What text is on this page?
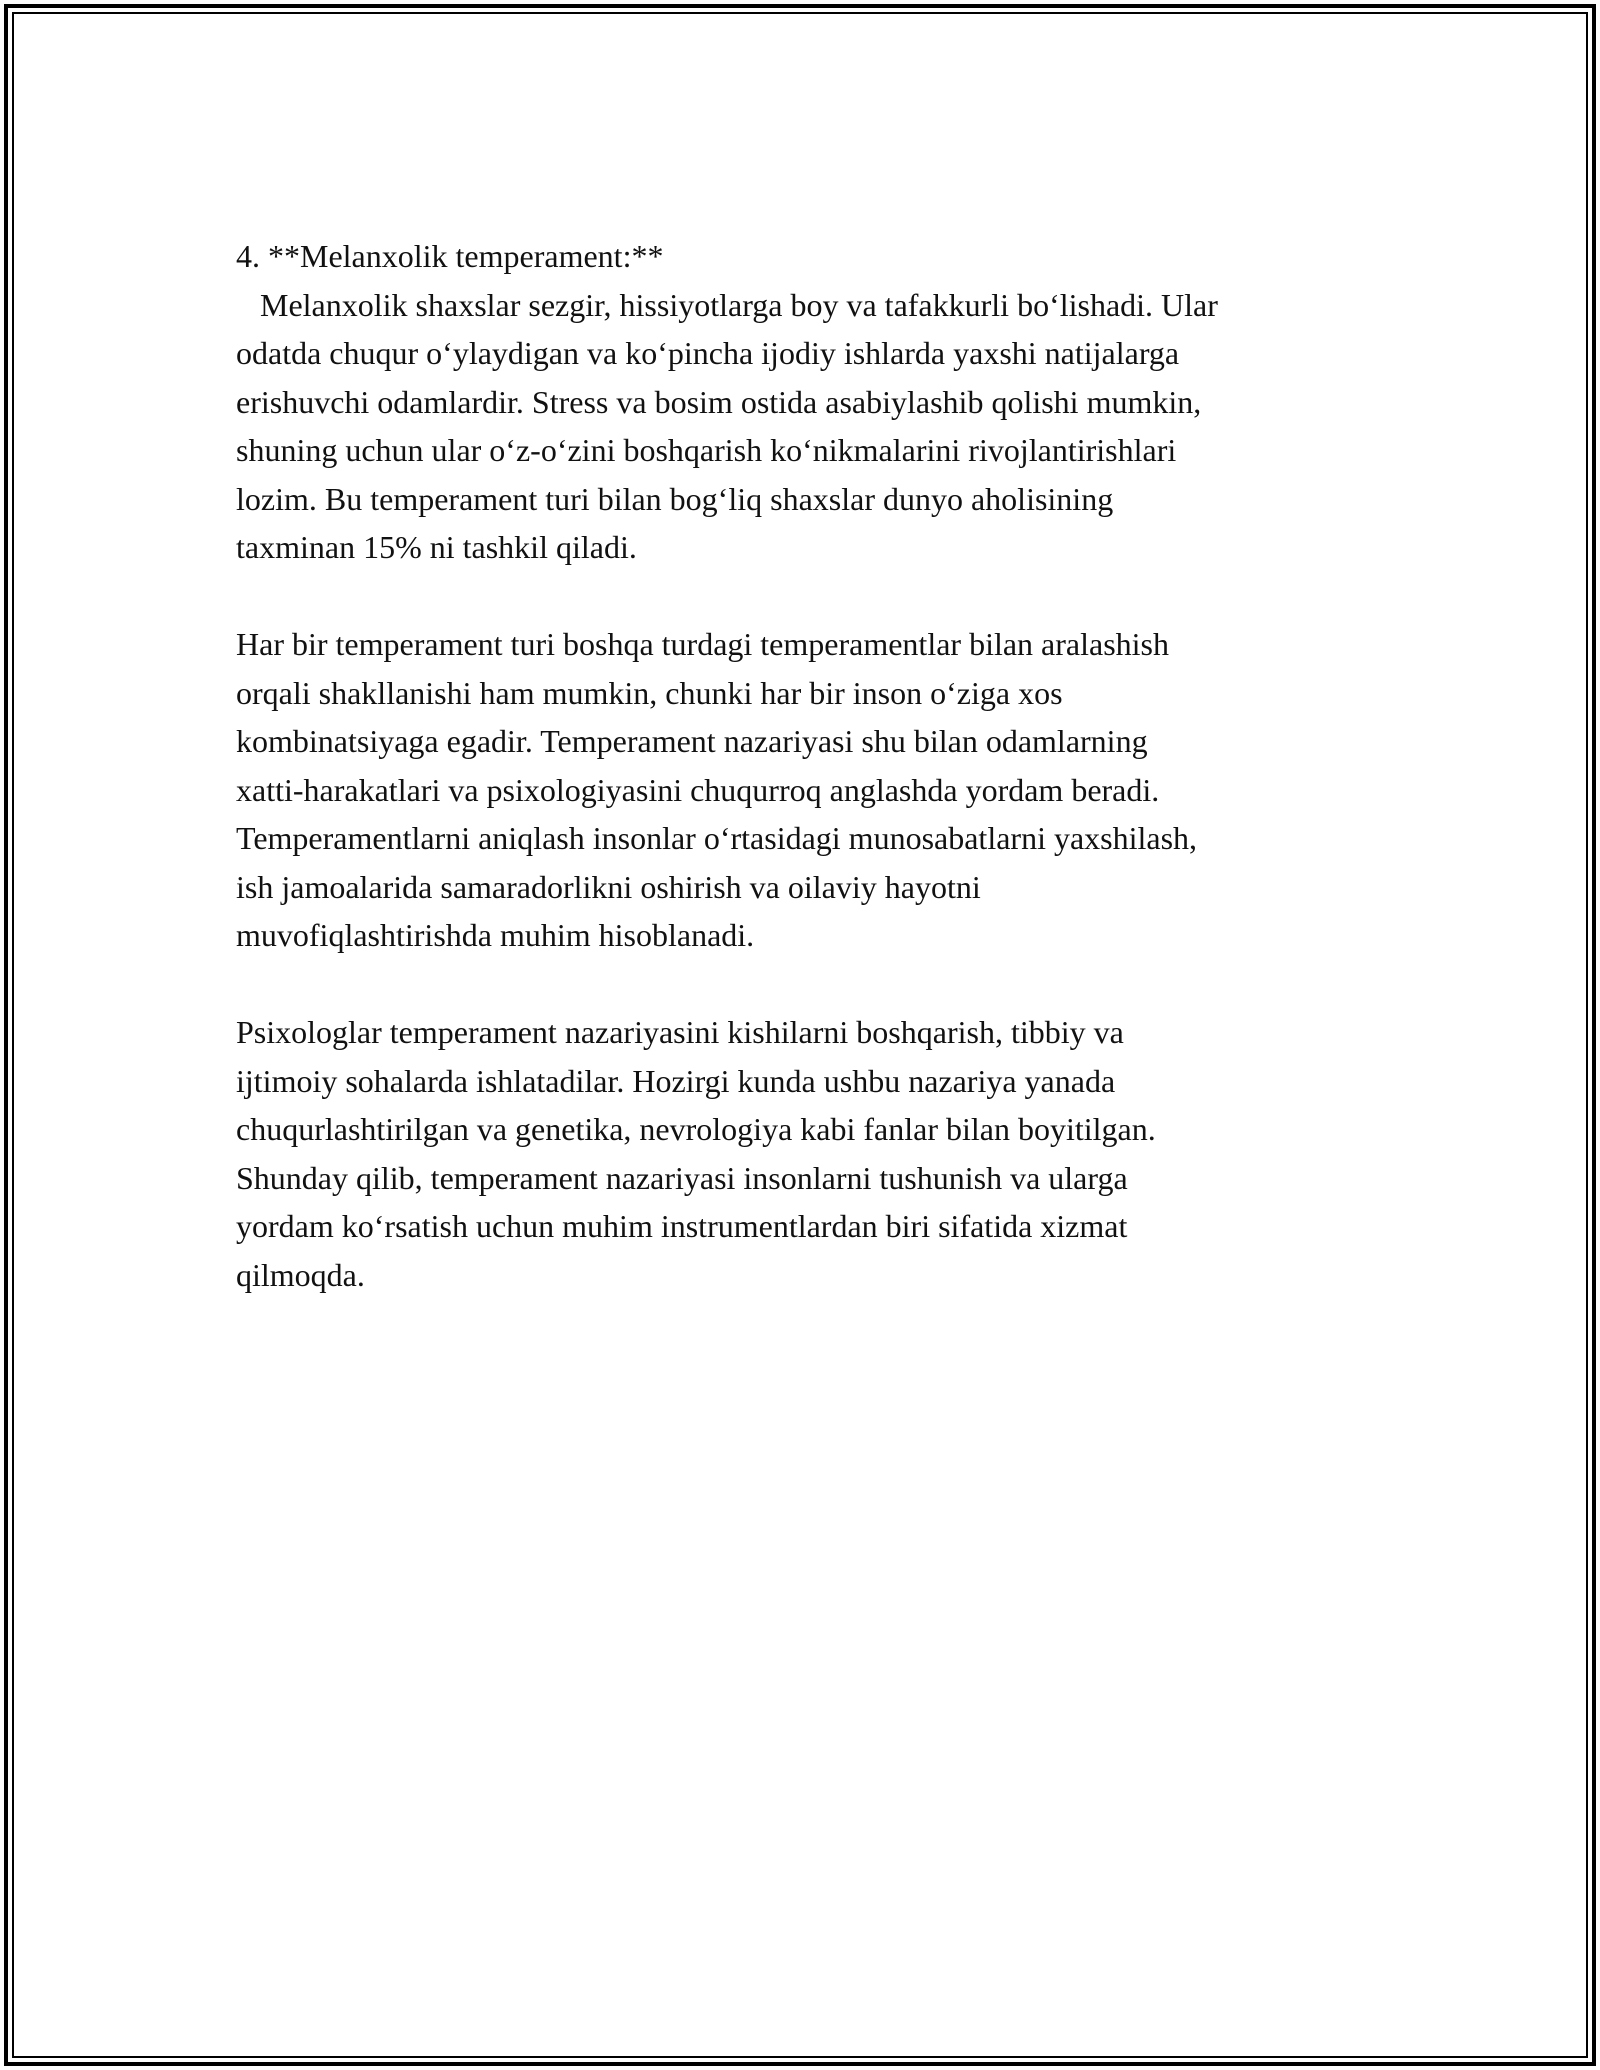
4. **Melanxolik temperament:**
Melanxolik shaxslar sezgir, hissiyotlarga boy va tafakkurli bo‘lishadi. Ular
odatda chuqur o‘ylaydigan va ko‘pincha ijodiy ishlarda yaxshi natijalarga
erishuvchi odamlardir. Stress va bosim ostida asabiylashib qolishi mumkin,
shuning uchun ular o‘z-o‘zini boshqarish ko‘nikmalarini rivojlantirishlari
lozim. Bu temperament turi bilan bog‘liq shaxslar dunyo aholisining
taxminan 15% ni tashkil qiladi.
Har bir temperament turi boshqa turdagi temperamentlar bilan aralashish
orqali shakllanishi ham mumkin, chunki har bir inson o‘ziga xos
kombinatsiyaga egadir. Temperament nazariyasi shu bilan odamlarning
xatti-harakatlari va psixologiyasini chuqurroq anglashda yordam beradi.
Temperamentlarni aniqlash insonlar o‘rtasidagi munosabatlarni yaxshilash,
ish jamoalarida samaradorlikni oshirish va oilaviy hayotni
muvofiqlashtirishda muhim hisoblanadi.
Psixologlar temperament nazariyasini kishilarni boshqarish, tibbiy va
ijtimoiy sohalarda ishlatadilar. Hozirgi kunda ushbu nazariya yanada
chuqurlashtirilgan va genetika, nevrologiya kabi fanlar bilan boyitilgan.
Shunday qilib, temperament nazariyasi insonlarni tushunish va ularga
yordam ko‘rsatish uchun muhim instrumentlardan biri sifatida xizmat
qilmoqda.
